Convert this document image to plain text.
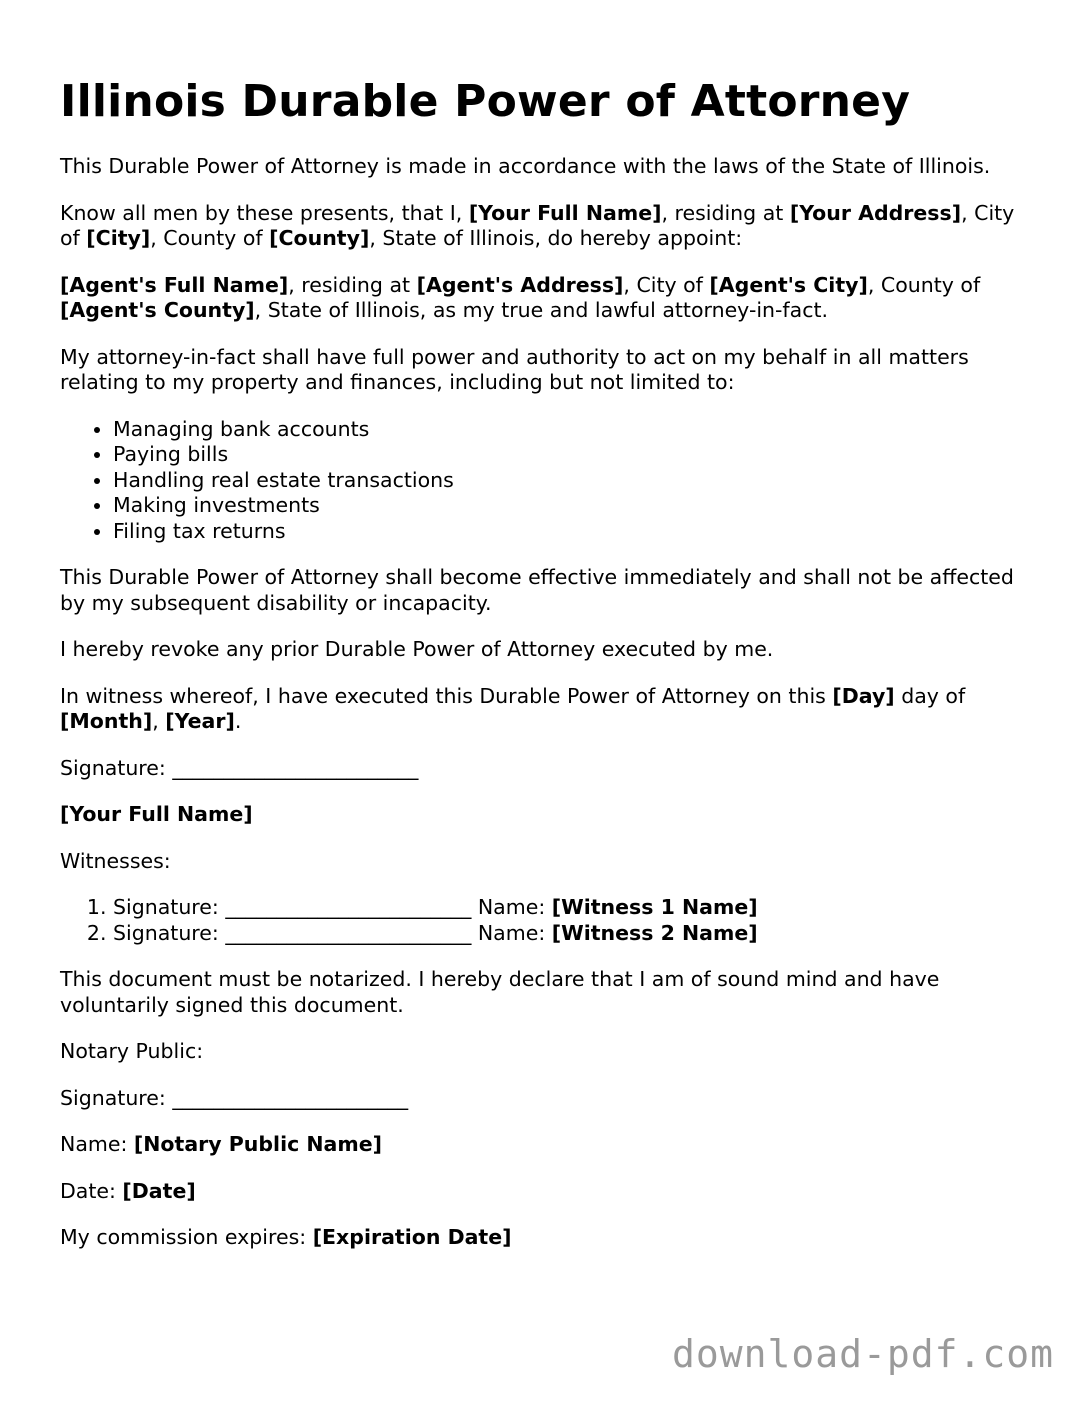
Illinois Durable Power of Attorney

This Durable Power of Attorney is made in accordance with the laws of the State of Illinois.

Know all men by these presents, that I, [Your Full Name], residing at [Your Address], City of [City], County of [County], State of Illinois, do hereby appoint:

[Agent's Full Name], residing at [Agent's Address], City of [Agent's City], County of [Agent's County], State of Illinois, as my true and lawful attorney-in-fact.

My attorney-in-fact shall have full power and authority to act on my behalf in all matters relating to my property and finances, including but not limited to:

• Managing bank accounts
• Paying bills
• Handling real estate transactions
• Making investments
• Filing tax returns

This Durable Power of Attorney shall become effective immediately and shall not be affected by my subsequent disability or incapacity.

I hereby revoke any prior Durable Power of Attorney executed by me.

In witness whereof, I have executed this Durable Power of Attorney on this [Day] day of [Month], [Year].

Signature: ________________________

[Your Full Name]

Witnesses:

1. Signature: ________________________ Name: [Witness 1 Name]
2. Signature: ________________________ Name: [Witness 2 Name]

This document must be notarized. I hereby declare that I am of sound mind and have voluntarily signed this document.

Notary Public:

Signature: _______________________

Name: [Notary Public Name]

Date: [Date]

My commission expires: [Expiration Date]

download-pdf.com
